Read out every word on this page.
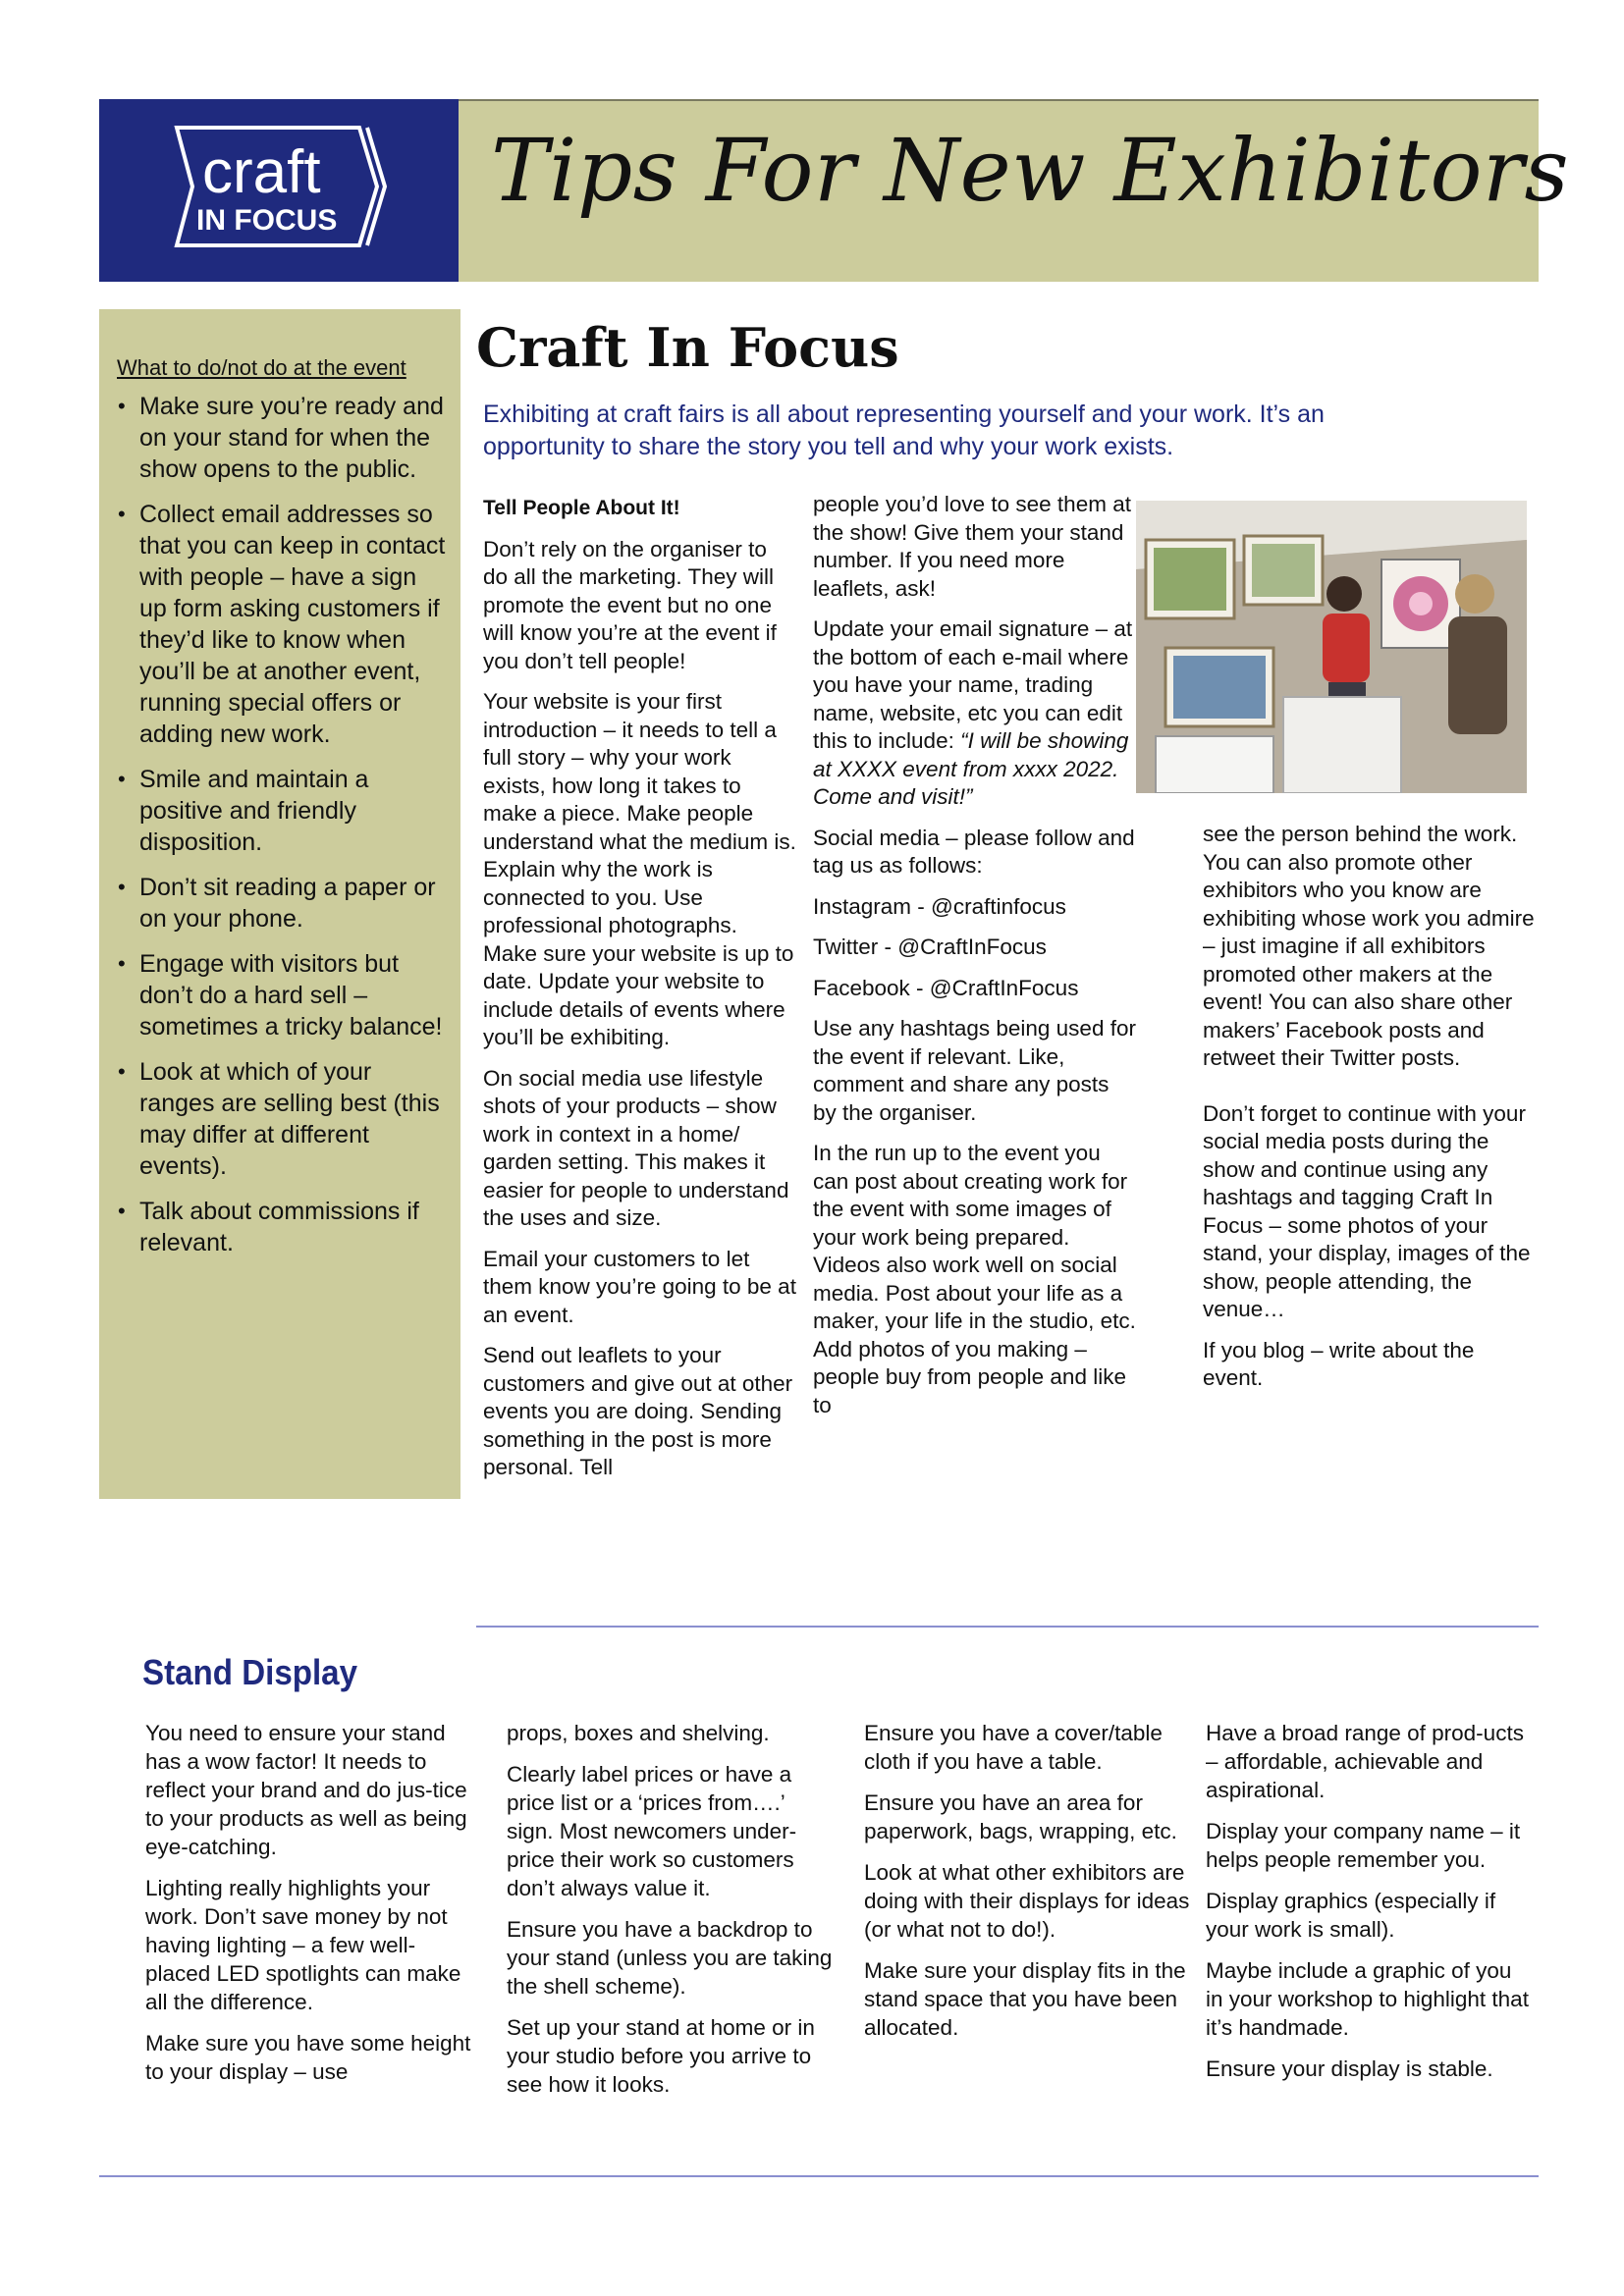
craft
IN FOCUS Tips For New Exhibitors
What to do/not do at the event
• Make sure you’re ready and on your stand for when the show opens to the public.
• Collect email addresses so that you can keep in contact with people – have a sign up form asking customers if they’d like to know when you’ll be at another event, running special offers or adding new work.
• Smile and maintain a positive and friendly disposition.
• Don’t sit reading a paper or on your phone.
• Engage with visitors but don’t do a hard sell – sometimes a tricky balance!
• Look at which of your ranges are selling best (this may differ at different events).
• Talk about commissions if relevant.
Craft In Focus
Exhibiting at craft fairs is all about representing yourself and your work. It’s an opportunity to share the story you tell and why your work exists.

Tell People About It!

Don’t rely on the organiser to do all the marketing. They will promote the event but no one will know you’re at the event if you don’t tell people!

Your website is your first introduction – it needs to tell a full story – why your work exists, how long it takes to make a piece. Make people understand what the medium is. Explain why the work is connected to you. Use professional photographs. Make sure your website is up to date. Update your website to include details of events where you’ll be exhibiting.

On social media use lifestyle shots of your products – show work in context in a home/ garden setting. This makes it easier for people to understand the uses and size.

Email your customers to let them know you’re going to be at an event.

Send out leaflets to your customers and give out at other events you are doing. Sending something in the post is more personal. Tell

people you’d love to see them at the show! Give them your stand number. If you need more leaflets, ask!

Update your email signature – at the bottom of each e-mail where you have your name, trading name, website, etc you can edit this to include: “I will be showing at XXXX event from xxxx 2022. Come and visit!”

Social media – please follow and tag us as follows:

Instagram - @craftinfocus

Twitter - @CraftInFocus

Facebook - @CraftInFocus

Use any hashtags being used for the event if relevant. Like, comment and share any posts by the organiser.

In the run up to the event you can post about creating work for the event with some images of your work being prepared. Videos also work well on social media. Post about your life as a maker, your life in the studio, etc. Add photos of you making – people buy from people and like to

see the person behind the work. You can also promote other exhibitors who you know are exhibiting whose work you admire – just imagine if all exhibitors promoted other makers at the event! You can also share other makers’ Facebook posts and retweet their Twitter posts.

Don’t forget to continue with your social media posts during the show and continue using any hashtags and tagging Craft In Focus – some photos of your stand, your display, images of the show, people attending, the venue…

If you blog – write about the event.

Stand Display

You need to ensure your stand has a wow factor! It needs to reflect your brand and do jus-tice to your products as well as being eye-catching.

Lighting really highlights your work. Don’t save money by not having lighting – a few well-placed LED spotlights can make all the difference.

Make sure you have some height to your display – use

props, boxes and shelving.

Clearly label prices or have a price list or a ‘prices from….’ sign. Most newcomers under-price their work so customers don’t always value it.

Ensure you have a backdrop to your stand (unless you are taking the shell scheme).

Set up your stand at home or in your studio before you arrive to see how it looks.

Ensure you have a cover/table cloth if you have a table.

Ensure you have an area for paperwork, bags, wrapping, etc.

Look at what other exhibitors are doing with their displays for ideas (or what not to do!).

Make sure your display fits in the stand space that you have been allocated.

Have a broad range of prod-ucts – affordable, achievable and aspirational.

Display your company name – it helps people remember you.

Display graphics (especially if your work is small).

Maybe include a graphic of you in your workshop to highlight that it’s handmade.

Ensure your display is stable.
